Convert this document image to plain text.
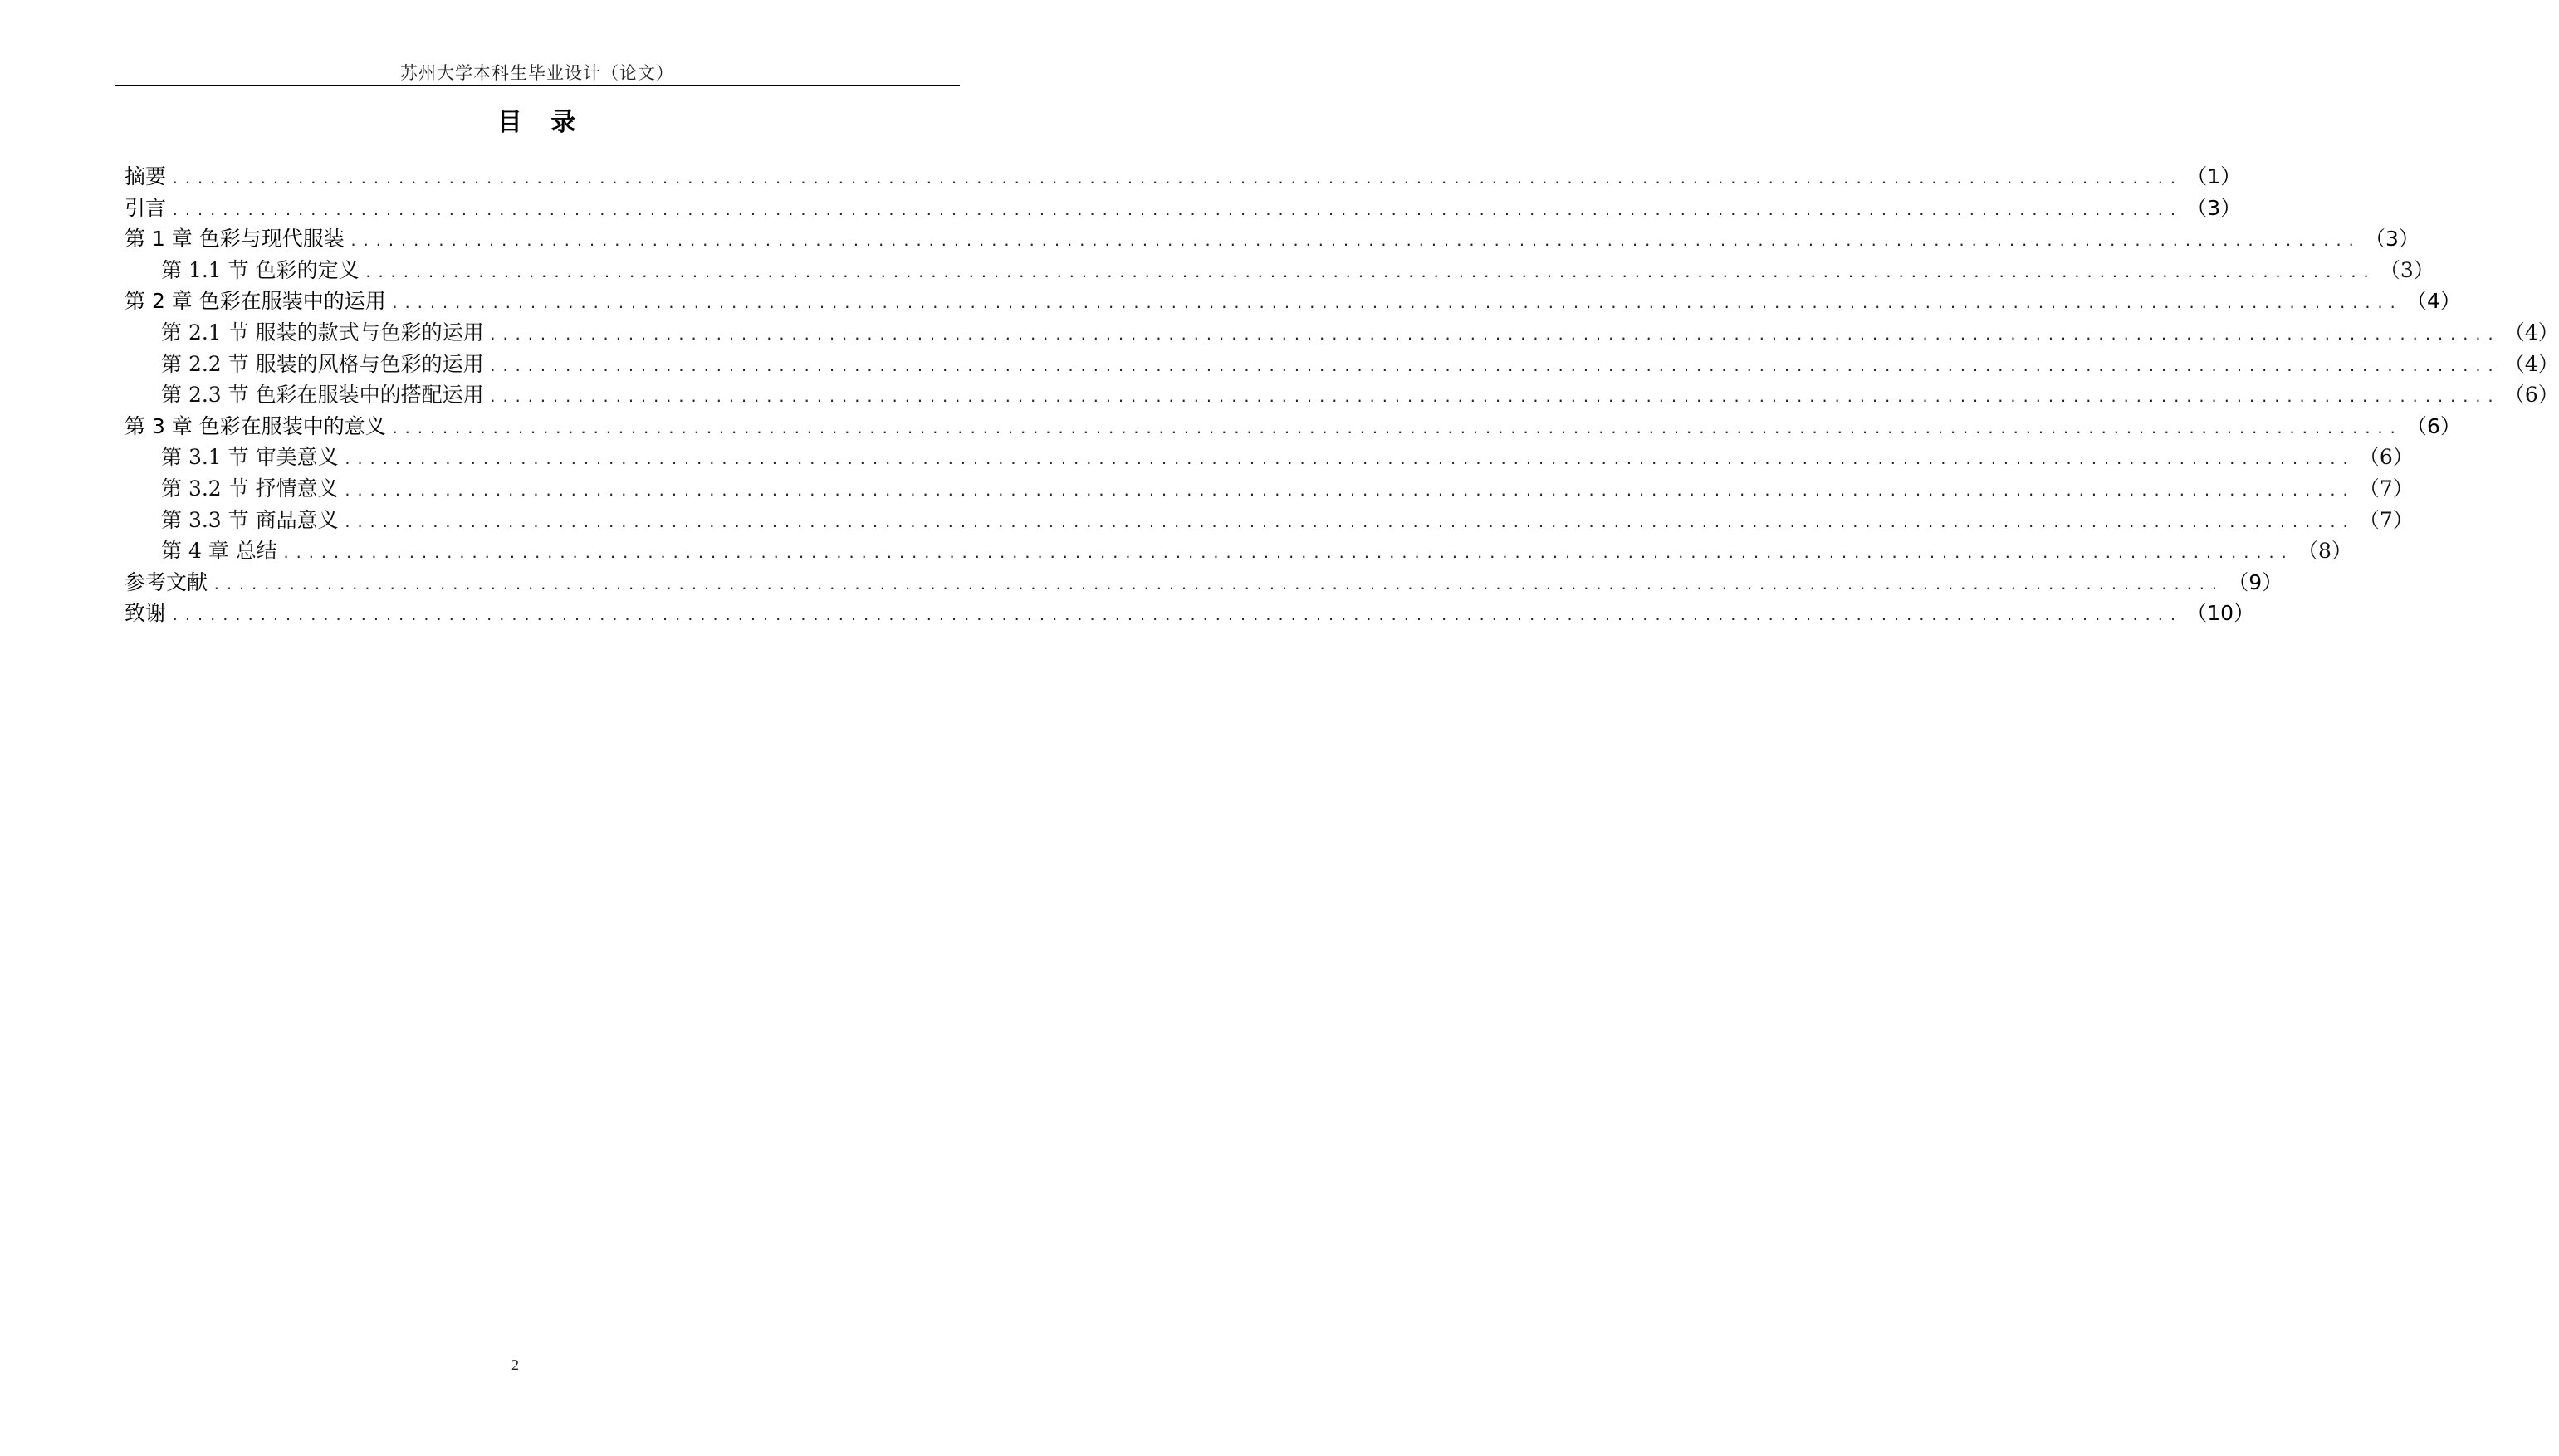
苏州大学本科生毕业设计（论文）
目 录
摘要 ................................................................................................................................................................ （1）
引言 ................................................................................................................................................................ （3）
第 1 章 色彩与现代服装 ................................................................................................................................................................ （3）
第 1.1 节 色彩的定义 ................................................................................................................................................................ （3）
第 2 章 色彩在服装中的运用 ................................................................................................................................................................ （4）
第 2.1 节 服装的款式与色彩的运用 ................................................................................................................................................................ （4）
第 2.2 节 服装的风格与色彩的运用 ................................................................................................................................................................ （4）
第 2.3 节 色彩在服装中的搭配运用 ................................................................................................................................................................ （6）
第 3 章 色彩在服装中的意义 ................................................................................................................................................................ （6）
第 3.1 节 审美意义 ................................................................................................................................................................ （6）
第 3.2 节 抒情意义 ................................................................................................................................................................ （7）
第 3.3 节 商品意义 ................................................................................................................................................................ （7）
第 4 章 总结 ................................................................................................................................................................ （8）
参考文献 ................................................................................................................................................................ （9）
致谢 ................................................................................................................................................................ （10）
2
